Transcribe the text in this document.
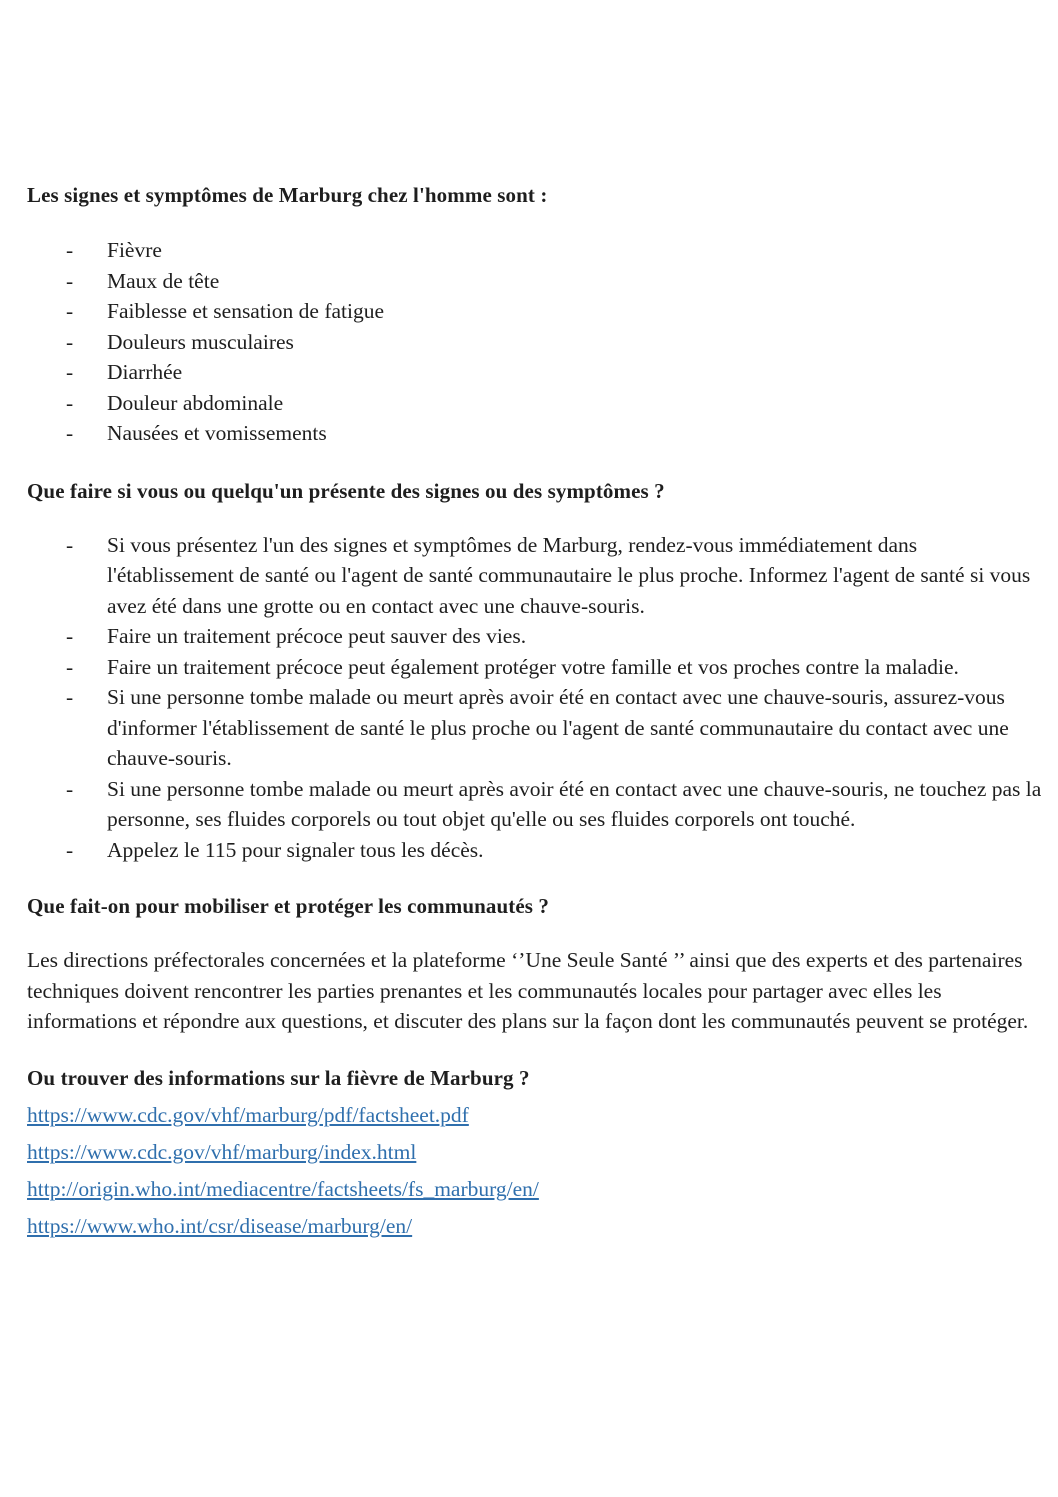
Les signes et symptômes de Marburg chez l'homme sont :
- Fièvre
- Maux de tête
- Faiblesse et sensation de fatigue
- Douleurs musculaires
- Diarrhée
- Douleur abdominale
- Nausées et vomissements
Que faire si vous ou quelqu'un présente des signes ou des symptômes ?
- Si vous présentez l'un des signes et symptômes de Marburg, rendez-vous immédiatement dans l'établissement de santé ou l'agent de santé communautaire le plus proche. Informez l'agent de santé si vous avez été dans une grotte ou en contact avec une chauve-souris.
- Faire un traitement précoce peut sauver des vies.
- Faire un traitement précoce peut également protéger votre famille et vos proches contre la maladie.
- Si une personne tombe malade ou meurt après avoir été en contact avec une chauve-souris, assurez-vous d'informer l'établissement de santé le plus proche ou l'agent de santé communautaire du contact avec une chauve-souris.
- Si une personne tombe malade ou meurt après avoir été en contact avec une chauve-souris, ne touchez pas la personne, ses fluides corporels ou tout objet qu'elle ou ses fluides corporels ont touché.
- Appelez le 115 pour signaler tous les décès.
Que fait-on pour mobiliser et protéger les communautés ?

Les directions préfectorales concernées et la plateforme ‘’Une Seule Santé ’’ ainsi que des experts et des partenaires techniques doivent rencontrer les parties prenantes et les communautés locales pour partager avec elles les informations et répondre aux questions, et discuter des plans sur la façon dont les communautés peuvent se protéger.

Ou trouver des informations sur la fièvre de Marburg ?
https://www.cdc.gov/vhf/marburg/pdf/factsheet.pdf
https://www.cdc.gov/vhf/marburg/index.html
http://origin.who.int/mediacentre/factsheets/fs_marburg/en/
https://www.who.int/csr/disease/marburg/en/
